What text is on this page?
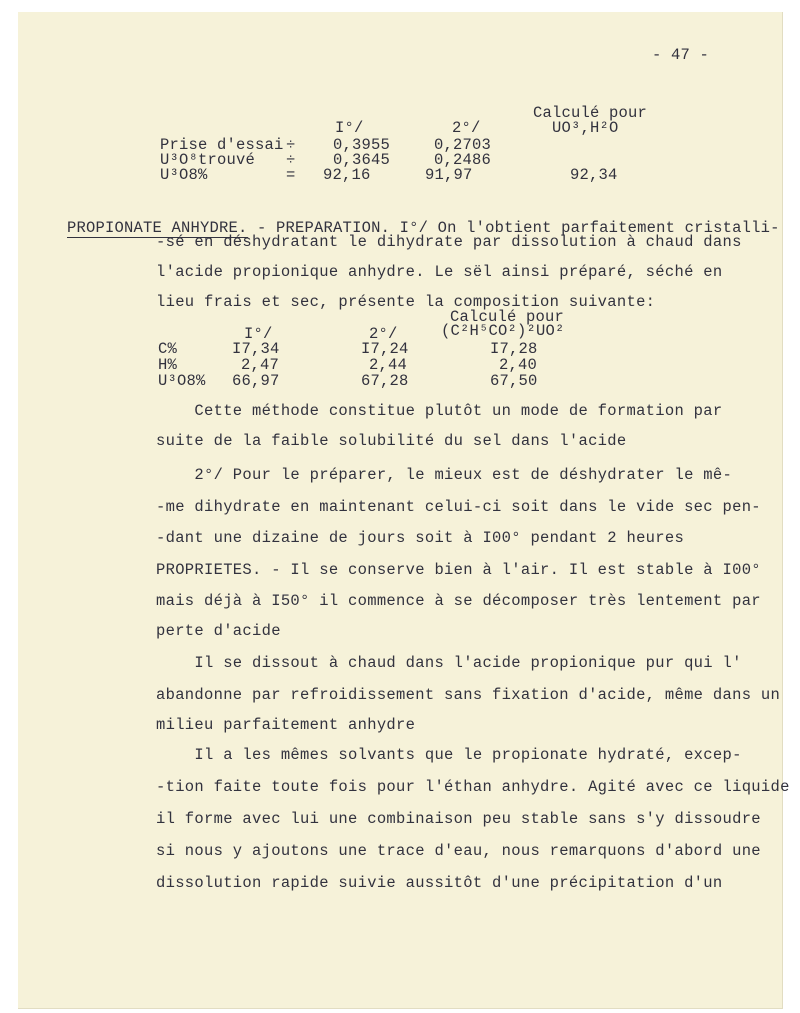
- 47 -
Calculé pour
UO³,H²O
I°/	2°/
Prise d'essai ÷ 0,3955	0,2703
U³O⁸trouvé ÷ 0,3645	0,2486
U³O8%	= 92,16	91,97	92,34

PROPIONATE ANHYDRE. - PREPARATION. I°/ On l'obtient parfaitement cristalli-

-sé en déshydratant le dihydrate par dissolution à chaud dans
l'acide propionique anhydre. Le sël ainsi préparé, séché en
lieu frais et sec, présente la composition suivante:
Calculé pour
(C²H⁵CO²)²UO²
I°/	2°/
C%	I7,34	I7,24	I7,28
H%	2,47	2,44	2,40
U³O8% 66,97	67,28	67,50
Cette méthode constitue plutôt un mode de formation par
suite de la faible solubilité du sel dans l'acide
2°/ Pour le préparer, le mieux est de déshydrater le mê-
-me dihydrate en maintenant celui-ci soit dans le vide sec pen-
-dant une dizaine de jours soit à I00° pendant 2 heures
PROPRIETES. - Il se conserve bien à l'air. Il est stable à I00°
mais déjà à I50° il commence à se décomposer très lentement par
perte d'acide
Il se dissout à chaud dans l'acide propionique pur qui l'
abandonne par refroidissement sans fixation d'acide, même dans un
milieu parfaitement anhydre
Il a les mêmes solvants que le propionate hydraté, excep-
-tion faite toute fois pour l'éthan anhydre. Agité avec ce liquide
il forme avec lui une combinaison peu stable sans s'y dissoudre
si nous y ajoutons une trace d'eau, nous remarquons d'abord une
dissolution rapide suivie aussitôt d'une précipitation d'un
